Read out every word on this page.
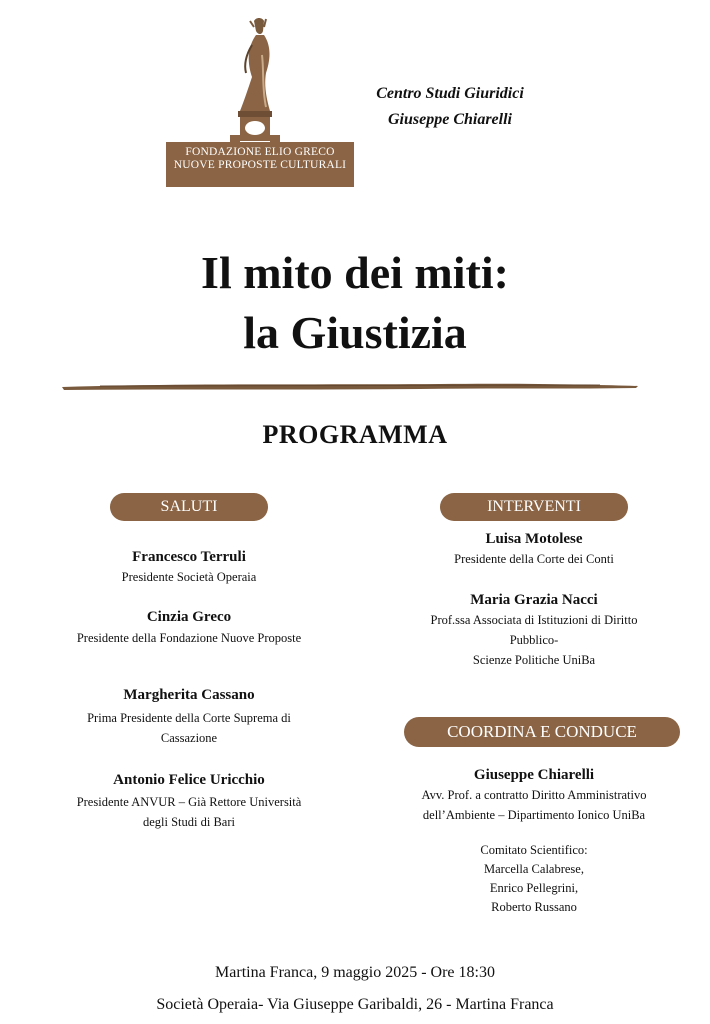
FONDAZIONE ELIO GRECO
NUOVE PROPOSTE CULTURALI
Centro Studi Giuridici
Giuseppe Chiarelli
Il mito dei miti:
la Giustizia
PROGRAMMA
SALUTI
Francesco Terruli
Presidente Società Operaia
Cinzia Greco
Presidente della Fondazione Nuove Proposte
Margherita Cassano
Prima Presidente della Corte Suprema di
Cassazione
Antonio Felice Uricchio
Presidente ANVUR – Già Rettore Università
degli Studi di Bari
INTERVENTI
Luisa Motolese
Presidente della Corte dei Conti
Maria Grazia Nacci
Prof.ssa Associata di Istituzioni di Diritto
Pubblico-
Scienze Politiche UniBa
COORDINA E CONDUCE
Giuseppe Chiarelli
Avv. Prof. a contratto Diritto Amministrativo
dell’Ambiente – Dipartimento Ionico UniBa
Comitato Scientifico:
Marcella Calabrese,
Enrico Pellegrini,
Roberto Russano
Martina Franca, 9 maggio 2025 - Ore 18:30
Società Operaia- Via Giuseppe Garibaldi, 26 - Martina Franca
